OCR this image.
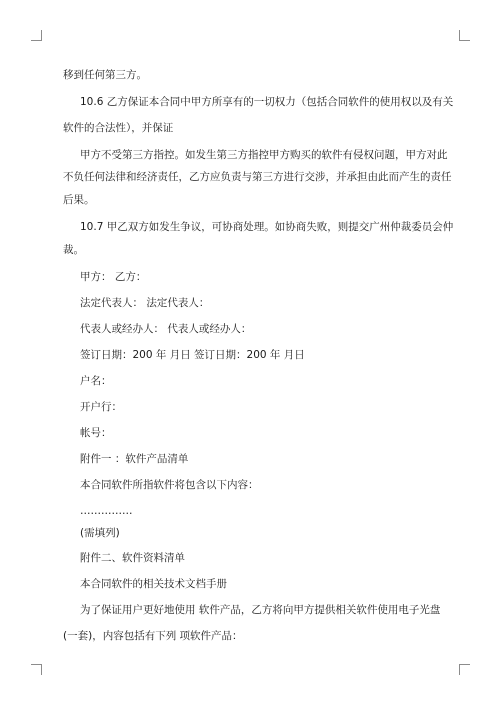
移到任何第三方。

10.6 乙方保证本合同中甲方所享有的一切权力（包括合同软件的使用权以及有关

软件的合法性），并保证

甲方不受第三方指控。如发生第三方指控甲方购买的软件有侵权问题，甲方对此

不负任何法律和经济责任，乙方应负责与第三方进行交涉，并承担由此而产生的责任

后果。

10.7 甲乙双方如发生争议，可协商处理。如协商失败，则提交广州仲裁委员会仲

裁。

甲方： 乙方：

法定代表人： 法定代表人：

代表人或经办人： 代表人或经办人：

签订日期：200 年 月日 签订日期：200 年 月日

户名：

开户行：

帐号：

附件一 ：软件产品清单

本合同软件所指软件将包含以下内容：

……………

(需填列)

附件二、软件资料清单

本合同软件的相关技术文档手册

为了保证用户更好地使用 软件产品，乙方将向甲方提供相关软件使用电子光盘

(一套)，内容包括有下列 项软件产品：
